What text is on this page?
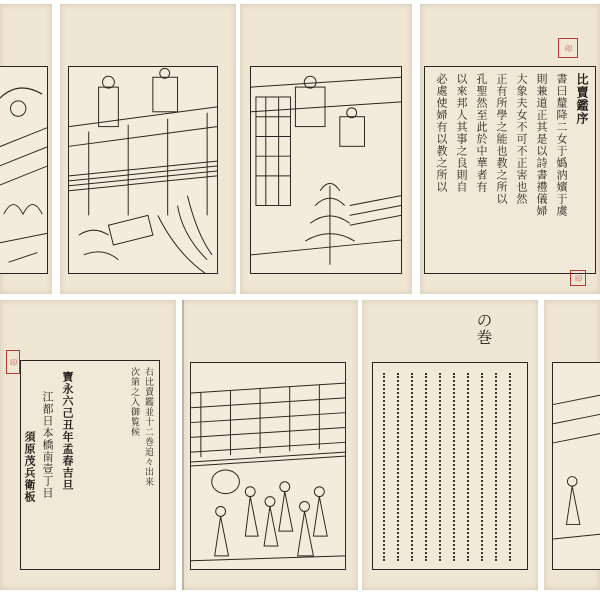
印
比賣鑑序
書曰釐降二女于嬀汭嬪于虞
則兼道正其是以詩書禮儀婦
大象夫女不可不正害也然
正有所學之能也教之所以
孔聖然至此於中華者有
以來邦人其事之良則自
必處使婦有以教之所以
印
印
右比賣鑑並十二巻追々出来
次第之入御覧候
寶永六己丑年孟春吉旦
江都日本橋南壹丁目
須原茂兵衛板
の巻
